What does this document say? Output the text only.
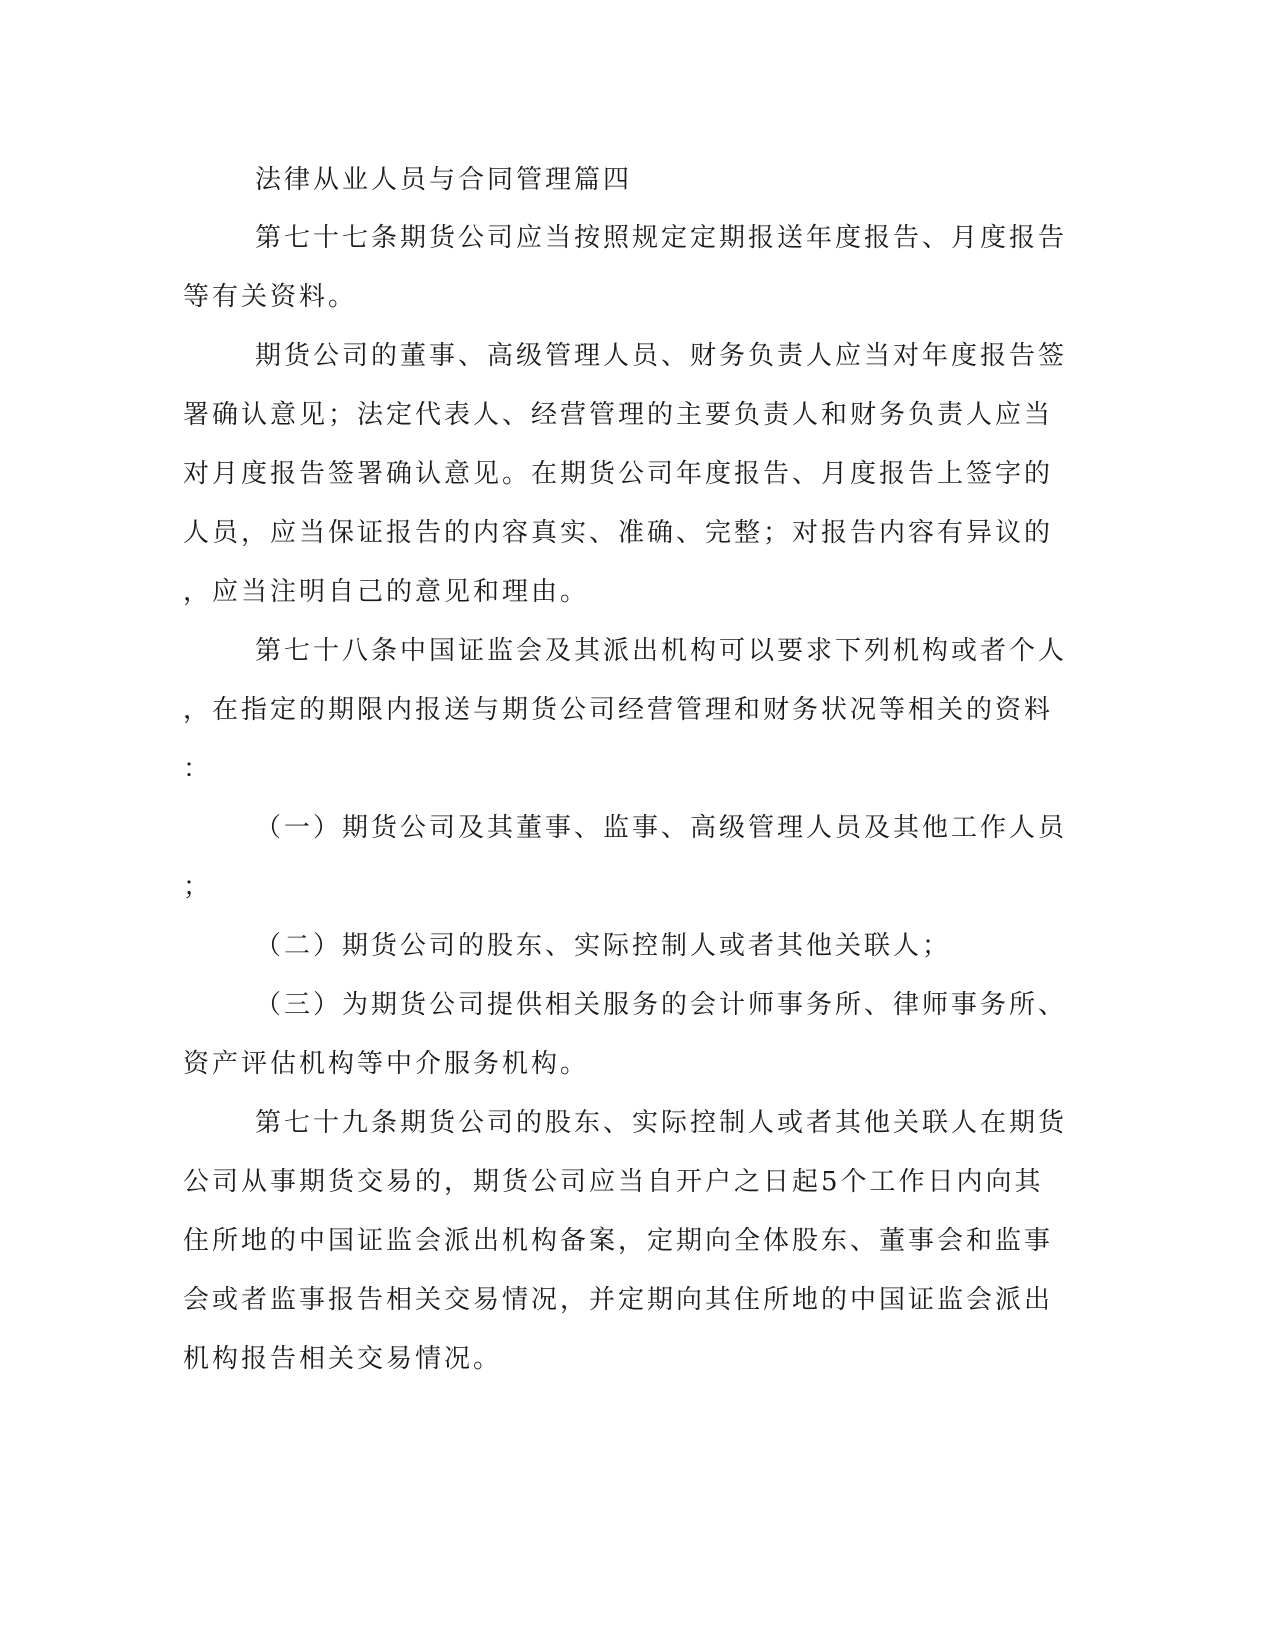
法律从业人员与合同管理篇四
第七十七条期货公司应当按照规定定期报送年度报告、月度报告
等有关资料。
期货公司的董事、高级管理人员、财务负责人应当对年度报告签
署确认意见；法定代表人、经营管理的主要负责人和财务负责人应当
对月度报告签署确认意见。在期货公司年度报告、月度报告上签字的
人员，应当保证报告的内容真实、准确、完整；对报告内容有异议的
，应当注明自己的意见和理由。
第七十八条中国证监会及其派出机构可以要求下列机构或者个人
，在指定的期限内报送与期货公司经营管理和财务状况等相关的资料
：
（一）期货公司及其董事、监事、高级管理人员及其他工作人员
；
（二）期货公司的股东、实际控制人或者其他关联人；
（三）为期货公司提供相关服务的会计师事务所、律师事务所、
资产评估机构等中介服务机构。
第七十九条期货公司的股东、实际控制人或者其他关联人在期货
公司从事期货交易的，期货公司应当自开户之日起5个工作日内向其
住所地的中国证监会派出机构备案，定期向全体股东、董事会和监事
会或者监事报告相关交易情况，并定期向其住所地的中国证监会派出
机构报告相关交易情况。
